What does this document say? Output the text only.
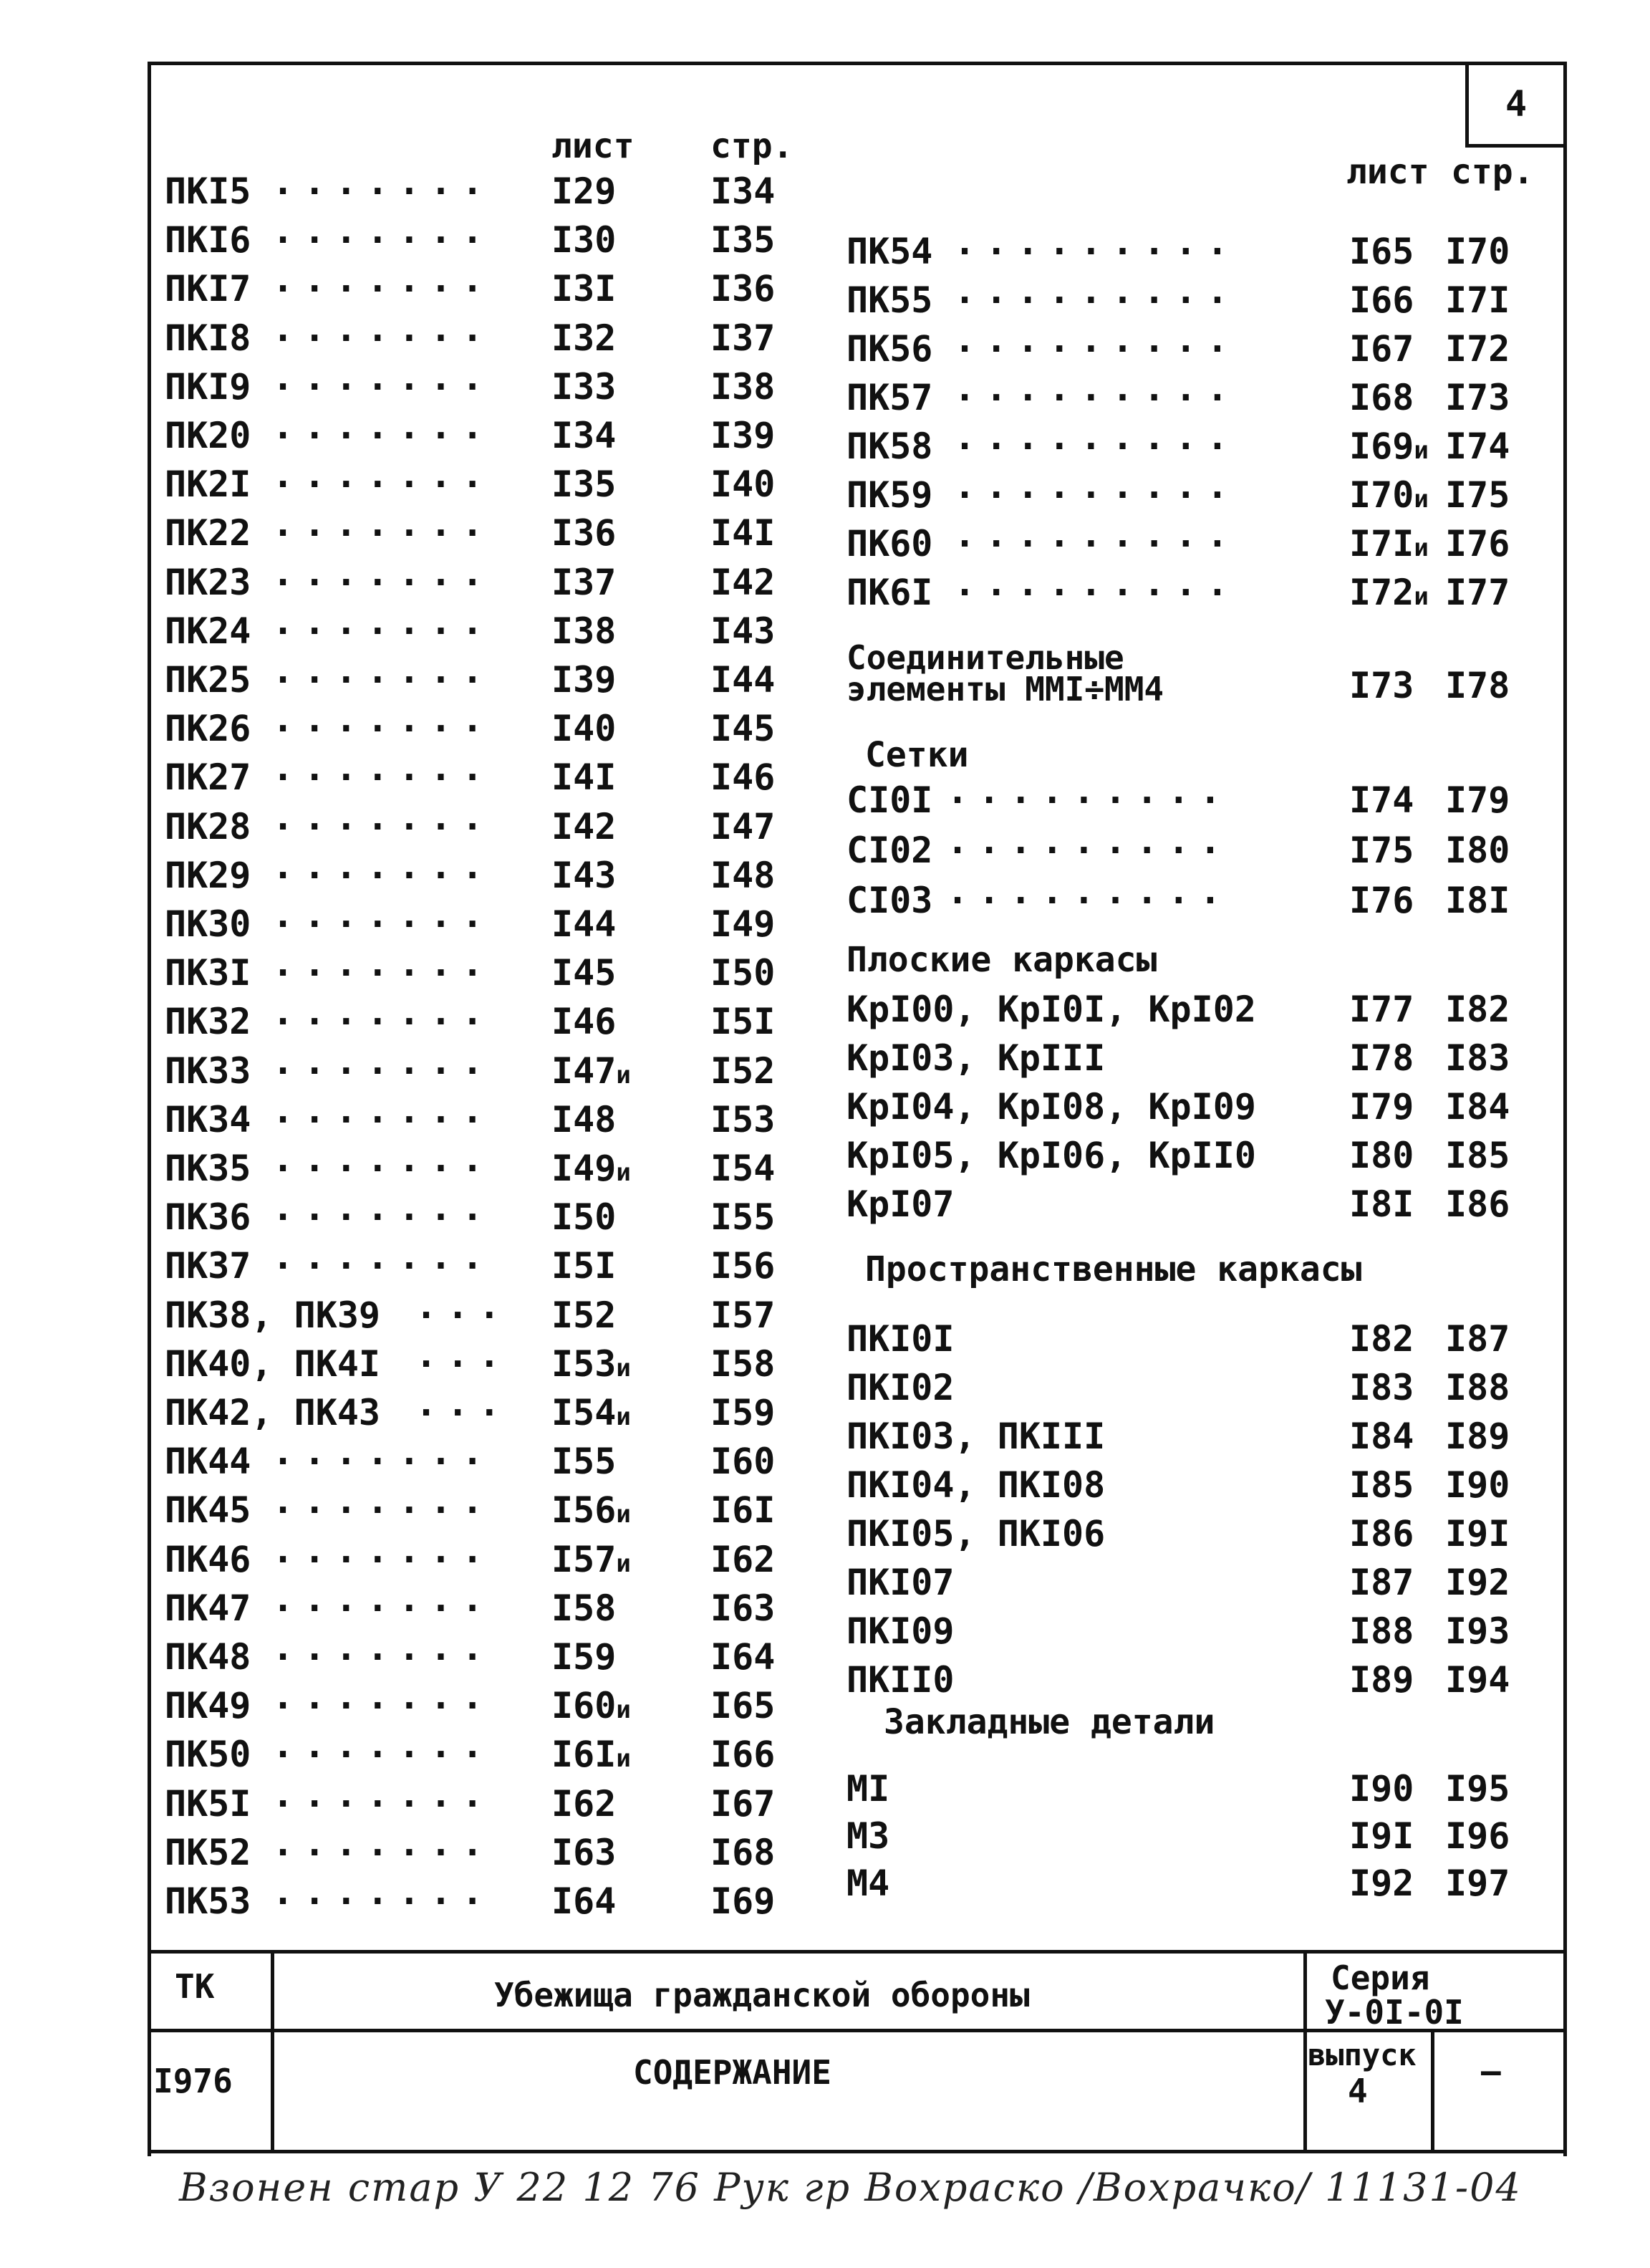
4
лист стр.
лист стр.
ПКI5 ······· I29	I34
ПКI6 ······· I30	I35
ПКI7 ······· I3I	I36
ПКI8 ······· I32	I37
ПКI9 ······· I33	I38
ПК20 ······· I34	I39
ПК2I ······· I35	I40
ПК22 ······· I36	I4I
ПК23 ······· I37	I42
ПК24 ······· I38	I43
ПК25 ······· I39	I44
ПК26 ······· I40	I45
ПК27 ······· I4I	I46
ПК28 ······· I42	I47
ПК29 ······· I43	I48
ПК30 ······· I44	I49
ПК3I ······· I45	I50
ПК32 ······· I46	I5I
ПК33 ······· I47и I52
ПК34 ······· I48	I53
ПК35 ······· I49и I54
ПК36 ······· I50	I55
ПК37 ······· I5I	I56
ПК38, ПК39 ··· I52	I57
ПК40, ПК4I ··· I53и I58
ПК42, ПК43 ··· I54и I59
ПК44 ······· I55	I60
ПК45 ······· I56и I6I
ПК46 ······· I57и I62
ПК47 ······· I58	I63
ПК48 ······· I59	I64
ПК49 ······· I60и I65
ПК50 ······· I6Iи I66
ПК5I ······· I62	I67
ПК52 ······· I63	I68
ПК53 ······· I64	I69
ПК54 ·········	I65 I70
ПК55 ·········	I66 I7I
ПК56 ·········	I67 I72
ПК57 ·········	I68 I73
ПК58 ·········	I69и I74
ПК59 ·········	I70и I75
ПК60 ·········	I7Iи I76
ПК6I ·········	I72и I77
Соединительные
элементы ММI÷ММ4	I73 I78
Сетки
СI0I ·········	I74 I79
СI02 ·········	I75 I80
СI03 ·········	I76 I8I
Плоские каркасы
КрI00, КрI0I, КрI02	I77 I82
КрI03, КрIII	I78 I83
КрI04, КрI08, КрI09	I79 I84
КрI05, КрI06, КрII0	I80 I85
КрI07	I8I I86
Пространственные каркасы
ПКI0I	I82 I87
ПКI02	I83 I88
ПКI03, ПКIII	I84 I89
ПКI04, ПКI08	I85 I90
ПКI05, ПКI06	I86 I9I
ПКI07	I87 I92
ПКI09	I88 I93
ПКII0	I89 I94
Закладные детали
МI	I90 I95
М3	I9I I96
М4	I92 I97
ТК	Убежища гражданской обороны	Серия
У-0I-0I
I976	СОДЕРЖАНИЕ	выпуск
4
–
Взонен стар У 22 12 76 Рук гр Вохраско /Вохрачко/ 11131-04
